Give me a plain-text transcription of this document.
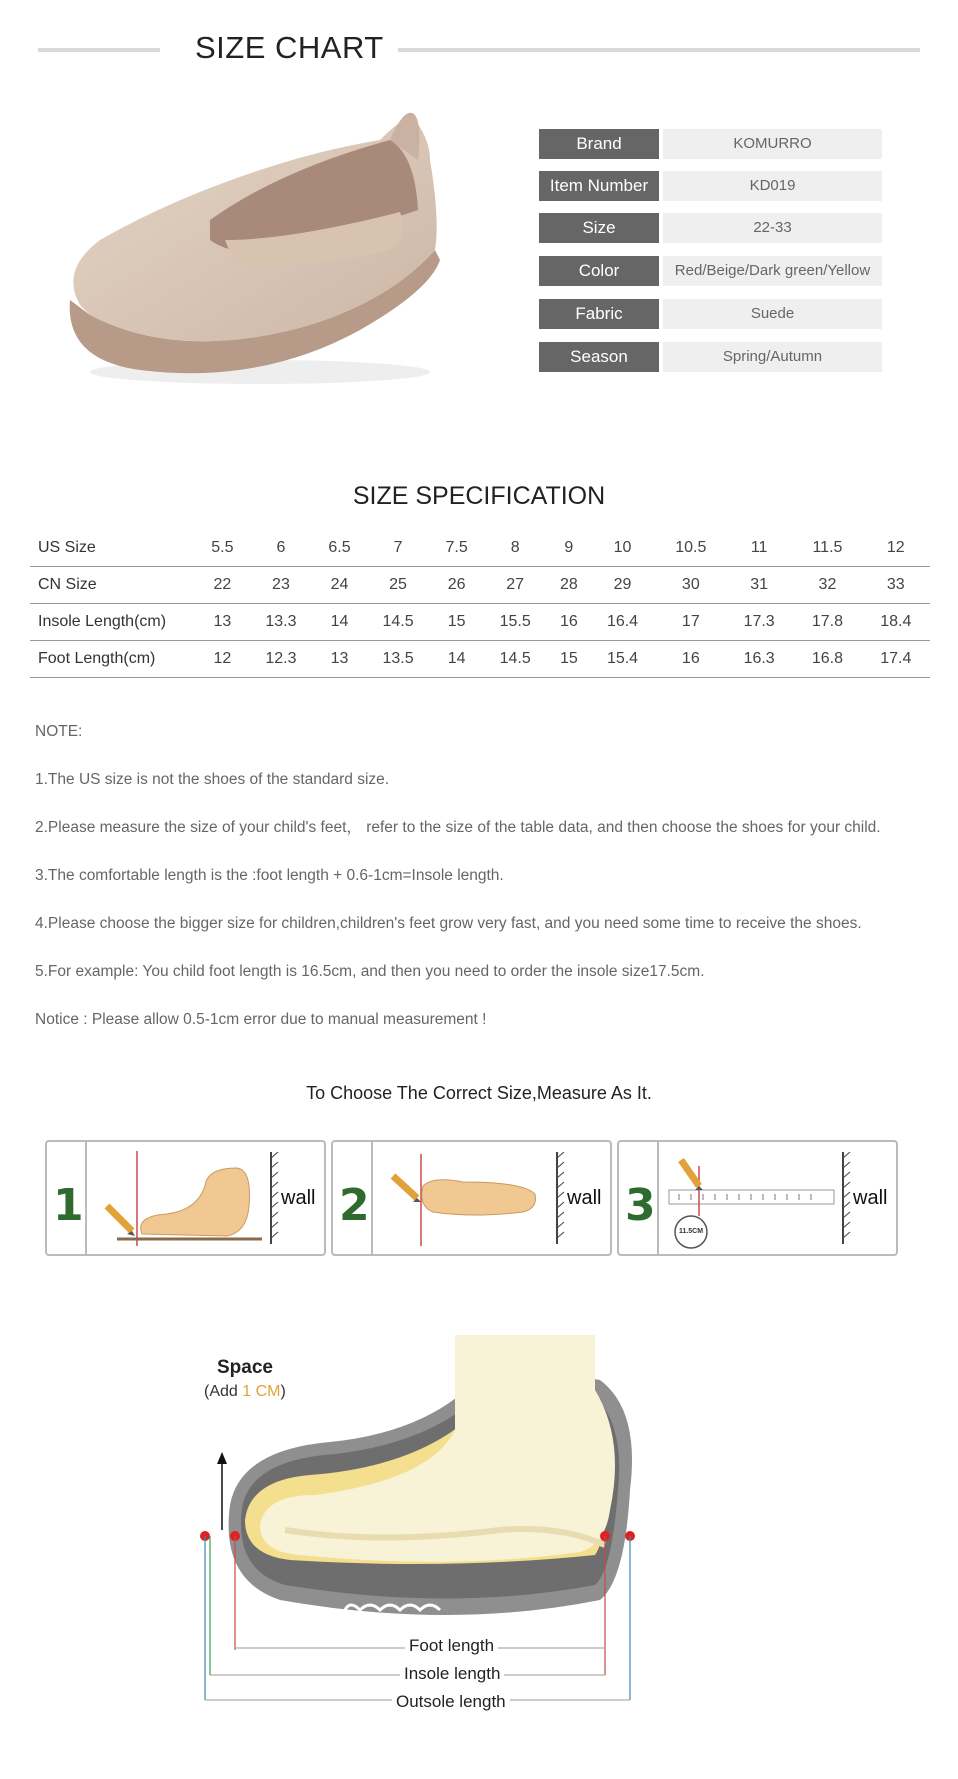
SIZE CHART
Brand	KOMURRO
Item Number	KD019
Size	22-33
Color	Red/Beige/Dark green/Yellow
Fabric	Suede
Season	Spring/Autumn
SIZE SPECIFICATION
US Size	5.5	6	6.5	7	7.5	8	9	10	10.5	11	11.5	12
CN Size	22	23	24	25	26	27	28	29	30	31	32	33
Insole Length(cm)	13	13.3	14	14.5	15	15.5	16	16.4	17	17.3	17.8	18.4
Foot Length(cm)	12	12.3	13	13.5	14	14.5	15	15.4	16	16.3	16.8	17.4

NOTE:

1.The US size is not the shoes of the standard size.

2.Please measure the size of your child's feet， refer to the size of the table data, and then choose the shoes for your child.

3.The comfortable length is the :foot length + 0.6-1cm=Insole length.

4.Please choose the bigger size for children,children's feet grow very fast, and you need some time to receive the shoes.

5.For example: You child foot length is 16.5cm, and then you need to order the insole size17.5cm.

Notice : Please allow 0.5-1cm error due to manual measurement !

To Choose The Correct Size,Measure As It.
1	wall 2	wall 3
11.5CM
wall
Space
(Add 1 CM)
Foot length
Insole length
Outsole length
